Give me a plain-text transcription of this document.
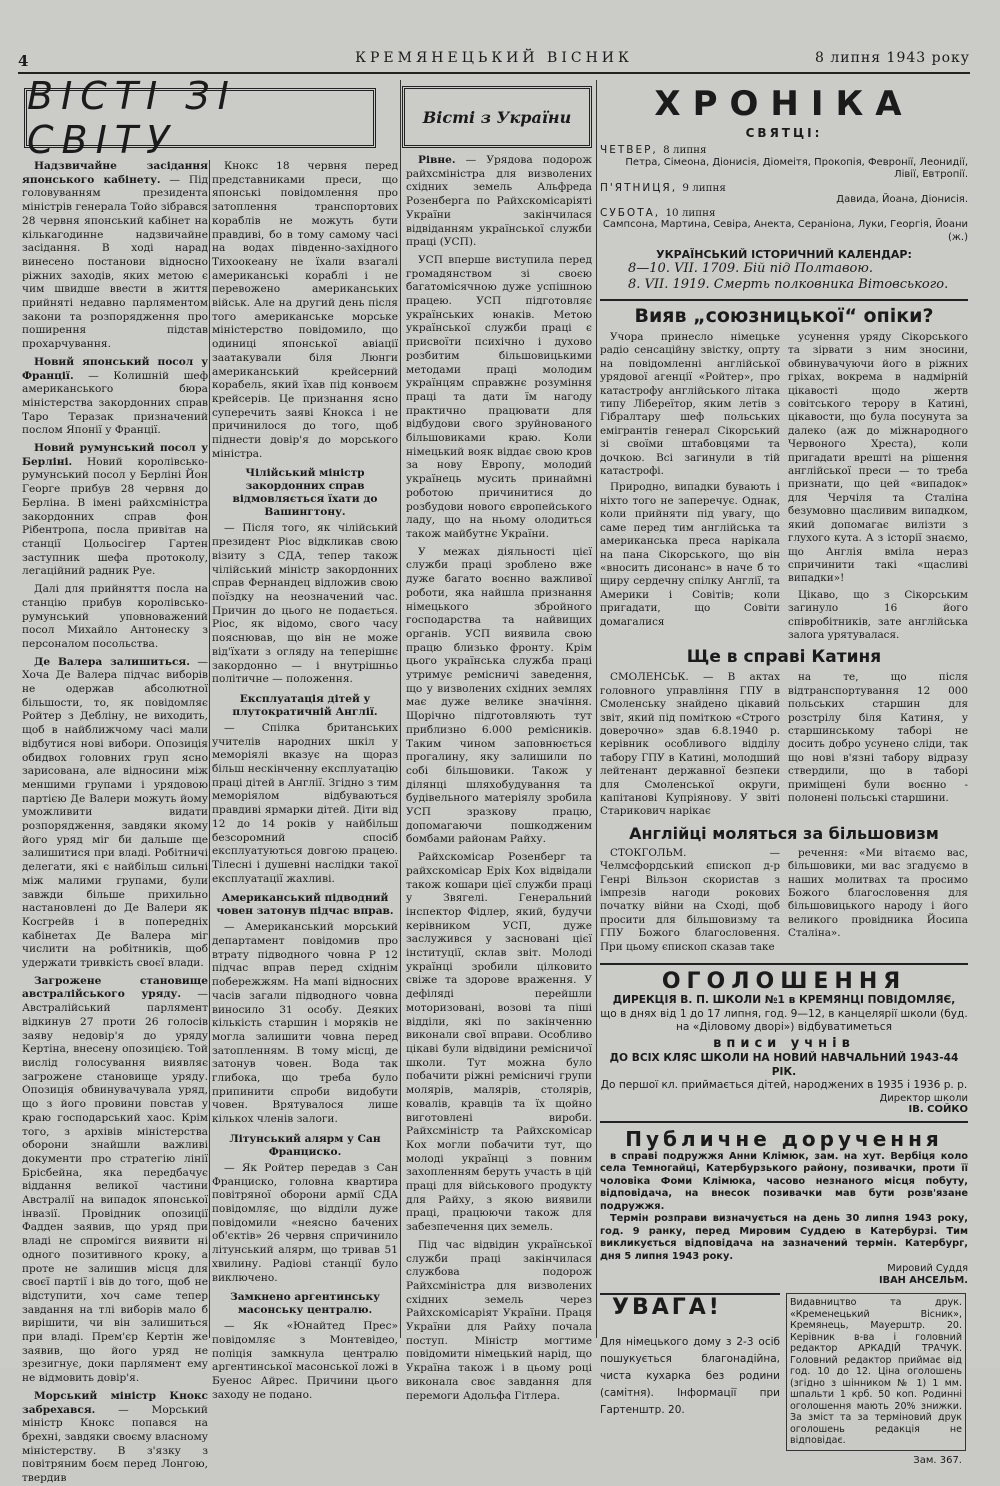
4	КРЕМЯНЕЦЬКИЙ ВІСНИК	8 липня 1943 року
ВІСТІ ЗІ СВІТУ
Вісті з України

Надзвичайне засідання японського кабінету. — Під головуванням президента міністрів генерала Тойо зібрався 28 червня японський кабінет на кількагодинне надзвичайне засідання. В ході нарад винесено постанови відносно ріжних заходів, яких метою є чим швидше ввести в життя прийняті недавно парляментом закони та розпорядження про поширення підстав прохарчування.

Новий японський посол у Франції. — Колишній шеф американського бюра міністерства закордонних справ Таро Теразак призначений послом Японії у Франції.

Новий румунський посол у Берліні. Новий королівсько-румунський посол у Берліні Йон Георге прибув 28 червня до Берліна. В імені райхсміністра закордонних справ фон Рібентропа, посла привітав на станції Цольосігер Гартен заступник шефа протоколу, легаційний радник Руе.

Далі для прийняття посла на станцію прибув королівсько-румунський уповноважений посол Михайло Антонеску з персоналом посольства.

Де Валера залишиться. — Хоча Де Валера підчас виборів не одержав абсолютної більшости, то, як повідомляє Ройтер з Дебліну, не виходить, щоб в найближчому часі мали відбутися нові вибори. Опозиція обидвох головних груп ясно зарисована, але відносини між меншими групами і урядовою партією Де Валери можуть йому уможливити видати розпорядження, завдяки якому його уряд міг би дальше ще залишитися при владі. Робітничі делегати, які є найбільш сильні між малими групами, були завжди більше прихильно настановлені до Де Валери як Косгрейв і в попередніх кабінетах Де Валера міг числити на робітників, щоб удержати тривкість своєї влади.

Загрожене становище австралійського уряду. — Австралійський парлямент відкинув 27 проти 26 голосів заяву недовір'я до уряду Кертіна, внесену опозицією. Той вислід голосування виявляє загрожене становище уряду. Опозиція обвинувачувала уряд, що з його провини повстав у краю господарський хаос. Крім того, з архівів міністерства оборони знайшли важливі документи про стратегію лінії Брісбейна, яка передбачує віддання великої частини Австралії на випадок японської інвазії. Провідник опозиції Фадден заявив, що уряд при владі не спромігся виявити ні одного позитивного кроку, а проте не залишив місця для своєї партії і вів до того, щоб не відступити, хоч саме тепер завдання на тлі виборів мало б вирішити, чи він залишиться при владі. Прем'єр Кертін же заявив, що його уряд не зрезигнує, доки парлямент ему не відмовить довір'я.

Морський міністр Кнокс забрехався. — Морський міністр Кнокс попався на брехні, завдяки своєму власному міністерству. В з'язку з повітряним боєм перед Лонгою, твердив

Кнокс 18 червня перед представниками преси, що японські повідомлення про затоплення транспортових кораблів не можуть бути правдиві, бо в тому самому часі на водах південно-західного Тихоокеану не їхали взагалі американські кораблі і не перевожено американських військ. Але на другий день після того американське морське міністерство повідомило, що одиниці японської авіації заатакували біля Люнги американський крейсерний корабель, який їхав під конвоєм крейсерів. Це признання ясно суперечить заяві Кнокса і не причинилося до того, щоб піднести довір'я до морського міністра.

Чілійський міністр закордонних справ відмовляється їхати до Вашингтону.

— Після того, як чілійський президент Ріос відкликав свою візиту з СДА, тепер також чілійський міністр закордонних справ Фернандец відложив свою поїздку на неозначений час. Причин до цього не подається. Ріос, як відомо, свого часу пояснював, що він не може від'їхати з огляду на теперішнє закордонно — і внутрішньо політичне — положення.

Експлуатація дітей у плутократичній Англії.

— Спілка британських учителів народних шкіл у меморіялі вказує на щораз більш нескінченну експлуатацію праці дітей в Англії. Згідно з тим меморіялом відбуваються правдиві ярмарки дітей. Діти від 12 до 14 років у найбільш безсоромний спосіб експлуатуються довгою працею. Тілесні і душевні наслідки такої експлуатації жахливі.

Американський підводний човен затонув підчас вправ.

— Американський морський департамент повідомив про втрату підводного човна P 12 підчас вправ перед східнім побережжям. На мапі відносних часів загали підводного човна виносило 31 особу. Деяких кількість старшин і моряків не могла залишити човна перед затопленням. В тому місці, де затонув човен. Вода так глибока, що треба було припинити спроби видобути човен. Врятувалося лише кількох членів залоги.

Літунський алярм у Сан Франциско.

— Як Ройтер передав з Сан Франциско, головна квартира повітряної оборони армії СДА повідомляє, що відділи дуже повідомили «неясно бачених об'єктів» 26 червня спричинило літунський алярм, що тривав 51 хвилину. Радіові станції було виключено.

Замкнено аргентинську масонську централю.

— Як «Юнайтед Прес» повідомляє з Монтевідео, поліція замкнула централю аргентинської масонської ложі в Буенос Айрес. Причини цього заходу не подано.

Рівне. — Урядова подорож райхсміністра для визволених східних земель Альфреда Розенберга по Райхскомісаріяті України закінчилася відвіданням української служби праці (УСП).

УСП вперше виступила перед громадянством зі своєю багатомісячною дуже успішною працею. УСП підготовляє українських юнаків. Метою української служби праці є присвоїти психічно і духово розбитим більшовицькими методами праці молодим українцям справжнє розуміння праці та дати їм нагоду практично працювати для відбудови свого зруйнованого більшовиками краю. Коли німецький вояк віддає свою кров за нову Европу, молодий українець мусить принаймні роботою причинитися до розбудови нового європейського ладу, що на ньому олодиться також майбутнє України.

У межах діяльності цієї служби праці зроблено вже дуже багато воєнно важливої роботи, яка найшла признання німецького збройного господарства та найвищих органів. УСП виявила свою працю близько фронту. Крім цього українська служба праці утримує ремісничі заведення, що у визволених східних землях має дуже велике значіння. Щорічно підготовляють тут приблизно 6.000 ремісників. Таким чином заповнюється прогалину, яку залишили по собі більшовики. Також у ділянці шляхобудування та будівельного матеріялу зробила УСП зразкову працю, допомагаючи пошкодженим бомбами районам Райху.

Райхскомісар Розенберг та райхскомісар Еріх Кох відвідали також кошари цієї служби праці у Звягелі. Генеральний інспектор Фідлер, який, будучи керівником УСП, дуже заслужився у засновані цієї інституції, склав звіт. Молоді українці зробили цілковито свіже та здорове враження. У дефіляді перейшли моторизовані, возові та піші відділи, які по закінченню виконали свої вправи. Особливо цікаві були відвідини ремісничої школи. Тут можна було побачити ріжні ремісничі групи молярів, малярів, столярів, ковалів, кравців та їх щойно виготовлені вироби. Райхсміністр та Райхскомісар Кох могли побачити тут, що молоді українці з повним захопленням беруть участь в цій праці для військового продукту для Райху, з якою виявили праці, працюючи також для забезпечення цих земель.

Під час відвідин української служби праці закінчилася службова подорож Райхсміністра для визволених східних земель через Райхскомісаріят України. Праця України для Райху почала поступ. Міністр могтиме повідомити німецький нарід, що Україна також і в цьому році виконала своє завдання для перемоги Адольфа Гітлера.

ХРОНІКА
СВЯТЦІ:
ЧЕТВЕР, 8 липня
Петра, Сімеона, Діонисія, Діомеітя, Прокопія, Февронії, Леонидії, Лівії, Евтропії.
П'ЯТНИЦЯ, 9 липня
Давида, Йоана, Діонисія.
СУБОТА, 10 липня
Сампсона, Мартина, Севіра, Анекта, Сераніона, Луки, Георгія, Йоани (ж.)
УКРАЇНСЬКИЙ ІСТОРИЧНИЙ КАЛЕНДАР:
8—10. VII. 1709. Бій під Полтавою.
8. VII. 1919. Смерть полковника Вітовського.
Вияв „союзницької“ опіки?

Учора принесло німецьке радіо сенсаційну звістку, опрту на повідомленні англійської урядової агенції «Ройтер», про катастрофу англійського літака типу Лібереїтор, яким летів з Гібралтару шеф польських емігрантів генерал Сікорський зі своїми штабовцями та дочкою. Всі загинули в тій катастрофі.

Природно, випадки бувають і ніхто того не заперечує. Однак, коли прийняти під увагу, що саме перед тим англійська та американська преса нарікала на пана Сікорського, що він «вносить дисонанс» в наче б то щиру сердечну спілку Англії, та Америки і Совітів; коли пригадати, що Совіти домагалися

усунення уряду Сікорського та зірвати з ним зносини, обвинувачуючи його в ріжних гріхах, вокрема в надмірній цікавості щодо жертв совітського терору в Катині, цікавости, що була посунута за далеко (аж до міжнародного Червоного Хреста), коли пригадати врешті на рішення англійської преси — то треба признати, що цей «випадок» для Черчіля та Сталіна безумовно щасливим випадком, який допомагає вилізти з глухого кута. А з історії знаємо, що Англія вміла нераз спричинити такі «щасливі випадки»!

Цікаво, що з Сікорським загинуло 16 його співробітників, зате англійська залога урятувалася.

Ще в справі Катиня

СМОЛЕНСЬК. — В актах головного управління ГПУ в Смоленську знайдено цікавий звіт, який під поміткою «Строго доверочно» здав 6.8.1940 р. керівник особливого відділу табору ГПУ в Катині, молодший лейтенант державної безпеки для Смоленської округи, капітанові Купріянову. У звіті Старикович нарікає

на те, що після відтранспортування 12 000 польських старшин для розстрілу біля Катиня, у старшинському таборі не досить добро усунено сліди, так що нові в'язні табору відразу ствердили, що в таборі приміщені були воєнно - полонені польські старшини.

Англійці моляться за більшовизм

СТОКГОЛЬМ. — Челмсфордський єпископ д-р Генрі Вільзон скористав з імпрезів нагоди рокових початку війни на Сході, щоб просити для більшовизму та ГПУ Божого благословення. При цьому єпископ сказав таке

речення: «Ми вітаємо вас, більшовики, ми вас згадуємо в наших молитвах та просимо Божого благословення для більшовицького народу і його великого провідника Йосипа Сталіна».

ОГОЛОШЕННЯ
ДИРЕКЦІЯ В. П. ШКОЛИ №1 в КРЕМЯНЦІ ПОВІДОМЛЯЄ,
що в днях від 1 до 17 липня, год. 9—12, в канцелярії школи (буд. на «Діловому дворі») відбуватиметься
вписи учнів
ДО ВСІХ КЛЯС ШКОЛИ НА НОВИЙ НАВЧАЛЬНИЙ 1943-44 РІК.
До першої кл. приймається дітей, народжених в 1935 і 1936 р. р.
Директор школи
ІВ. СОЙКО
Публичне доручення

в справі подружжя Анни Клімюк, зам. на хут. Вербіця коло села Темногайці, Катербурзького району, позивачки, проти її чоловіка Фоми Клімюка, часово незнаного місця побуту, відповідача, на внесок позивачки мав бути розв'язане подружжя.

Термін розправи визначується на день 30 липня 1943 року, год. 9 ранку, перед Мировим Суддею в Катербурзі. Тим викликується відповідача на зазначений термін. Катербург, дня 5 липня 1943 року.

Мировий Суддя
ІВАН АНСЕЛЬМ.
УВАГА!
Для німецького дому з 2-3 осіб пошукується благонадійна, чиста кухарка без родини (самітня). Інформації при Гартенштр. 20.
Видавництво та друк. «Кременецький Вісник», Кремянець, Мауерштр. 20. Керівник в-ва і головний редактор АРКАДІЙ ТРАЧУК. Головний редактор приймає від год. 10 до 12. Ціна оголошень (згідно з шінником № 1) 1 мм. шпальти 1 крб. 50 коп. Родинні оголошення мають 20% знижки. За зміст та за терміновий друк оголошень редакція не відповідає.
Зам. 367.
